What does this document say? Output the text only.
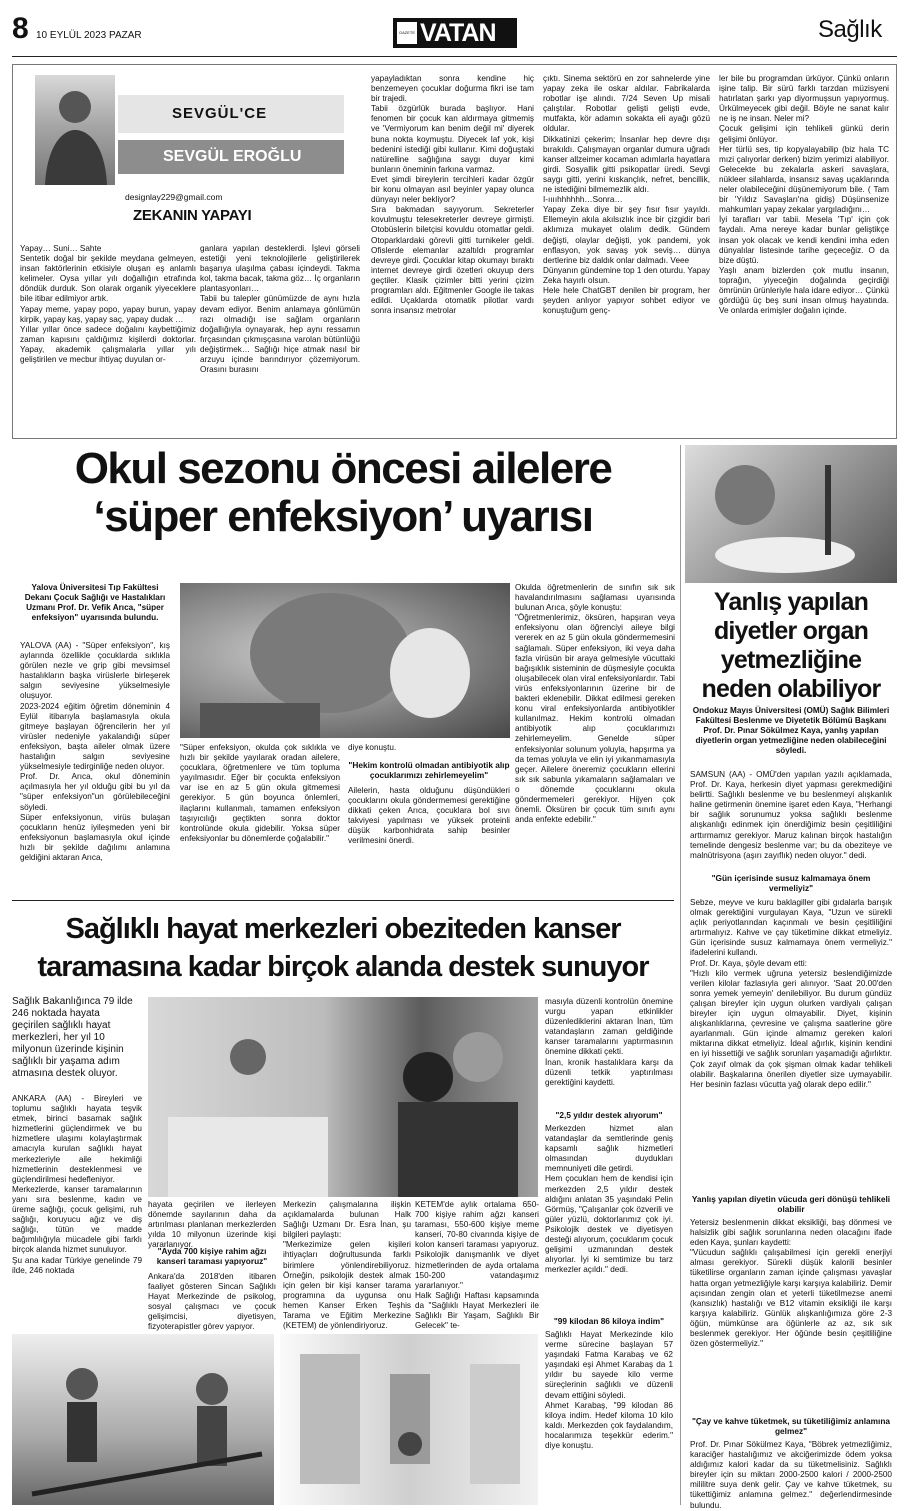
8 10 EYLÜL 2023 PAZAR	GAZETE VATAN	Sağlık
SEVGÜL'CE
SEVGÜL EROĞLU
designlay229@gmail.com
ZEKANIN YAPAYI
Yapay… Suni… Sahte
Sentetik doğal bir şekilde meydana gelmeyen, insan faktörlerinin etkisiyle oluşan eş anlamlı kelimeler. Oysa yıllar yılı doğallığın etrafında döndük durduk. Son olarak organik yiyeceklere bile itibar edilmiyor artık.
Yapay meme, yapay popo, yapay burun, yapay kirpik, yapay kaş, yapay saç, yapay dudak …
Yıllar yıllar önce sadece doğalını kaybettiğimiz zaman kapısını çaldığımız kişilerdi doktorlar. Yapay, akademik çalışmalarla yıllar yılı geliştirilen ve mecbur ihtiyaç duyulan or-
ganlara yapılan destеklerdi. İşlevi görseli estetiği yeni teknolojilerle geliştirilerek başarıya ulaşılma çabası içindeydi. Takma kol, takma bacak, takma göz… İç organların plantasyonları…
Tabii bu talepler günümüzde de aynı hızla devam ediyor. Benim anlamaya gönlümün razı olmadığı ise sağlam organların doğallığıyla oynayarak, hep aynı ressamın fırçasından çıkmışçasına varolan bütünlüğü değiştirmek… Sağlığı hiçe atmak nasıl bir arzuyu içinde barındırıyor çözemiyorum. Orasını burasını
yapayladıktan sonra kendine hiç benzemeyen çocuklar doğurma fikri ise tam bir trajedi.
Tabii özgürlük burada başlıyor. Hani fenomen bir çocuk kan aldırmaya gitmemiş ve 'Vermiyorum kan benim değil mi' diyerek buna nokta koymuştu. Diyecek laf yok, kişi bedenini istediği gibi kullanır. Kimi doğuştaki natürelline sağlığına saygı duyar kimi bunların öneminin farkına varmaz.
Evet şimdi bireylerin tercihleri kadar özgür bir konu olmayan asıl beyinler yapay olunca dünyayı neler bekliyor?
Sıra bakmadan sayıyorum. Sekreterler kovulmuştu telesekreterler devreye girmişti. Otobüslerin biletçisi kovuldu otomatlar geldi. Otoparklardaki görevli gitti turnikeler geldi. Ofislerde elemanlar azaltıldı programlar devreye girdi. Çocuklar kitap okumayı bıraktı internet devreye girdi özetleri okuyup ders geçtiler. Klasik çizimler bitti yerini çizim programları aldı. Eğitmenler Google ile takas edildi. Uçaklarda otomatik pilotlar vardı sonra insansız metrolar
çıktı. Sinema sektörü en zor sahnelerde yine yapay zeka ile oskar aldılar. Fabrikalarda robotlar işe alındı. 7/24 Seven Up misali çalıştılar. Robotlar gelişti geliști evde, mutfakta, kör adamın sokakta eli ayağı gözü oldular.
Dikkatinizi çekerim; İnsanlar hep devre dışı bırakıldı. Çalışmayan organlar dumura uğradı kanser allzeimer kocaman adımlarla hayatlara girdi. Sosyallik gitti psikopatlar üredi. Sevgi saygı gitti, yerini kıskançlık, nefret, bencillik, ne istediğini bilmemezlik aldı.
I-ııııhhhhhh…Sonra…
Yapay Zeka diye bir şey fısır fısır yayıldı. Ellemeyin akıla akılsızlık ince bir çizgidir bari aklımıza mukayet olalım dedik. Gündem değişti, olaylar değişti, yok pandemi, yok enflasyon, yok savaş yok seviş… dünya dertlerine biz daldık onlar dalmadı. Veee
Dünyanın gündemine top 1 den oturdu. Yapay Zeka hayırlı olsun.
Hele hele ChatGBT denilen bir program, her şeyden anlıyor yapıyor sohbet ediyor ve konuştuğum genç-
ler bile bu programdan ürküyor. Çünkü onların işine talip. Bir sürü farklı tarzdan müzisyeni hatırlatan şarkı yap diyormuşsun yapıyormuş. Ürkülmeyecek gibi değil. Böyle ne sanat kalır ne iş ne insan. Neler mi?
Çocuk gelişimi için tehlikeli günkü derin gelişimi önlüyor.
Her türlü ses, tip kopyalayabilip (biz hala TC mızi çalıyorlar derken) bizim yerimizi alabiliyor. Gelecekte bu zekalarla askeri savaşlara, nükleer silahlarda, insansız savaş uçaklarında neler olabileceğini düşünemiyorum bile. ( Tam bir 'Yıldız Savaşları'na gidiş) Düşünsenize mahkumları yapay zekalar yargıladığını…
İyi tarafları var tabii. Mesela 'Tıp' için çok faydalı. Ama nereye kadar bunlar geliştikçe insan yok olacak ve kendi kendini imha eden dünyalılar listesinde tarihe geçeceğiz. O da bize düştü.
Yaşlı anam bizlerden çok mutlu insanın, toprağın, yiyeceğin doğalında geçirdiği ömrünün ürünleriyle hala idare ediyor… Çünkü gördüğü üç beş suni insan olmuş hayatında. Ve onlarda erimişler doğalın içinde.
Okul sezonu öncesi ailelere
‘süper enfeksiyon’ uyarısı
Yalova Üniversitesi Tıp Fakültesi Dekanı Çocuk Sağlığı ve Hastalıkları Uzmanı Prof. Dr. Vefik Arıca, "süper enfeksiyon" uyarısında bulundu.
YALOVA (AA) - "Süper enfeksiyon", kış aylarında özellikle çocuklarda sıklıkla görülen nezle ve grip gibi mevsimsel hastalıkların başka virüslerle birleşerek salgın seviyesine yükselmesiyle oluşuyor.
2023-2024 eğitim öğretim döneminin 4 Eylül itibarıyla başlamasıyla okula gitmeye başlayan öğrencilerin her yıl virüsler nedeniyle yakalandığı süper enfeksiyon, başta aileler olmak üzere hastalığın salgın seviyesine yükselmesiyle tedirginliğe neden oluyor.
Prof. Dr. Arıca, okul döneminin açılmasıyla her yıl olduğu gibi bu yıl da "süper enfeksiyon"un görülebileceğini söyledi.
Süper enfeksiyonun, virüs bulaşan çocukların henüz iyileşmeden yeni bir enfeksiyonun başlamasıyla okul içinde hızlı bir şekilde dağılımı anlamına geldiğini aktaran Arıca,
"Süper enfeksiyon, okulda çok sıklıkla ve hızlı bir şekilde yayılarak oradan ailelere, çocuklara, öğretmenlere ve tüm topluma yayılmasıdır. Eğer bir çocukta enfeksiyon var ise en az 5 gün okula gitmemesi gerekiyor. 5 gün boyunca önlemleri, ilaçlarını kullanmalı, tamamen enfeksiyon taşıyıcılığı geçtikten sonra doktor kontrolünde okula gidebilir. Yoksa süper enfeksiyonlar bu dönemlerde çoğalabilir."
diye konuştu.
"Hekim kontrolü olmadan antibiyotik alıp çocuklarımızı zehirlemeyelim"
Ailelerin, hasta olduğunu düşündükleri çocuklarını okula göndermemesi gerektiğine dikkati çeken Arıca, çocuklara bol sıvı takviyesi yapılması ve yüksek proteinli düşük karbonhidrata sahip besinler verilmesini önerdi.
Okulda öğretmenlerin de sınıfın sık sık havalandırılmasını sağlaması uyarısında bulunan Arıca, şöyle konuştu:
"Öğretmenlerimiz, öksüren, hapşıran veya enfeksiyonu olan öğrenciyi aileye bilgi vererek en az 5 gün okula göndermemesini sağlamalı. Süper enfeksiyon, iki veya daha fazla virüsün bir araya gelmesiyle vücuttaki bağışıklık sisteminin de düşmesiyle çocukta oluşabilecek olan viral enfeksiyonlardır. Tabi virüs enfeksiyonlarının üzerine bir de bakteri eklenebilir. Dikkat edilmesi gereken konu viral enfeksiyonlarda antibiyotikler kullanılmaz. Hekim kontrolü olmadan antibiyotik alıp çocuklarımızı zehirlemeyelim. Genelde süper enfeksiyonlar solunum yoluyla, hapşırma ya da temas yoluyla ve elin iyi yıkanmamasıyla geçer. Ailelere öneremiz çocukların ellerini sık sık sabunla yıkamaların sağlamaları ve o dönemde çocuklarını okula göndermemeleri gerekiyor. Hijyen çok önemli. Öksüren bir çocuk tüm sınıfı aynı anda enfekte edebilir."
Yanlış yapılan
diyetler organ
yetmezliğine
neden olabiliyor
Ondokuz Mayıs Üniversitesi (OMÜ) Sağlık Bilimleri Fakültesi Beslenme ve Diyetetik Bölümü Başkanı Prof. Dr. Pınar Sökülmez Kaya, yanlış yapılan diyetlerin organ yetmezliğine neden olabileceğini söyledi.
SAMSUN (AA) - OMÜ'den yapılan yazılı açıklamada, Prof. Dr. Kaya, herkesin diyet yapması gerekmediğini belirtti. Sağlıklı beslenme ve bu beslenmeyi alışkanlık haline getirmenin önemine işaret eden Kaya, "Herhangi bir sağlık sorunumuz yoksa sağlıklı beslenme alışkanlığı edinmek için önerdiğimiz besin çeşitliliğini arttırmamız gerekiyor. Maruz kalınan birçok hastalığın temelinde dengesiz beslenme var; bu da obeziteye ve malnütrisyona (aşırı zayıflık) neden oluyor." dedi.
"Gün içerisinde susuz kalmamaya önem vermeliyiz"
Sebze, meyve ve kuru baklagiller gibi gıdalarla barışık olmak gerektiğini vurgulayan Kaya, "Uzun ve sürekli açlık periyotlarından kaçınmalı ve besin çeşitliliğini artırmalıyız. Kahve ve çay tüketimine dikkat etmeliyiz. Gün içerisinde susuz kalmamaya önem vermeliyiz." ifadelerini kullandı.
Prof. Dr. Kaya, şöyle devam etti:
"Hızlı kilo vermek uğruna yetersiz beslendiğimizde verilen kilolar fazlasıyla geri alınıyor. 'Saat 20.00'den sonra yemek yemeyin' denilebiliyor. Bu durum gündüz çalışan bireyler için uygun olurken vardiyalı çalışan bireyler için uygun olmayabilir. Diyet, kişinin alışkanlıklarına, çevresine ve çalışma saatlerine göre ayarlanmalı. Gün içinde almamız gereken kalori miktarına dikkat etmeliyiz. İdeal ağırlık, kişinin kendini en iyi hissettiği ve sağlık sorunları yaşamadığı ağırlıktır. Çok zayıf olmak da çok şişman olmak kadar tehlikeli olabilir. Başkalarına önerilen diyetler size uymayabilir. Her besinin fazlası vücutta yağ olarak depo edilir."
Yanlış yapılan diyetin vücuda geri dönüşü tehlikeli olabilir
Yetersiz beslenmenin dikkat eksikliği, baş dönmesi ve halsizlik gibi sağlık sorunlarına neden olacağını ifade eden Kaya, şunları kaydetti:
"Vücudun sağlıklı çalışabilmesi için gerekli enerjiyi alması gerekiyor. Sürekli düşük kalorili besinler tüketilirse organların zaman içinde çalışması yavaşlar hatta organ yetmezliğiyle karşı karşıya kalabiliriz. Demir açısından zengin olan et yeterli tüketilmezse anemi (kansızlık) hastalığı ve B12 vitamin eksikliği ile karşı karşıya kalabiliriz. Günlük alışkanlığımıza göre 2-3 öğün, mümkünse ara öğünlerle az az, sık sık beslenmek gerekiyor. Her öğünde besin çeşitliliğine özen göstermeliyiz."
"Çay ve kahve tüketmek, su tüketiliğimiz anlamına gelmez"
Prof. Dr. Pınar Sökülmez Kaya, "Böbrek yetmezliğimiz, karaciğer hastalığımız ve akciğerimizde ödem yoksa aldığımız kalori kadar da su tüketmelisiniz. Sağlıklı bireyler için su miktarı 2000-2500 kalori / 2000-2500 mililitre suya denk gelir. Çay ve kahve tüketmek, su tükettiğimiz anlamına gelmez." değerlendirmesinde bulundu.
Sağlıklı hayat merkezleri obeziteden kanser
taramasına kadar birçok alanda destek sunuyor
Sağlık Bakanlığınca 79 ilde 246 noktada hayata geçirilen sağlıklı hayat merkezleri, her yıl 10 milyonun üzerinde kişinin sağlıklı bir yaşama adım atmasına destek oluyor.
ANKARA (AA) - Bireyleri ve toplumu sağlıklı hayata teşvik etmek, birinci basamak sağlık hizmetlerini güçlendirmek ve bu hizmetlere ulaşımı kolaylaştırmak amacıyla kurulan sağlıklı hayat merkezleriyle aile hekimliği hizmetlerinin desteklenmesi ve güçlendirilmesi hedefleniyor.
Merkezlerde, kanser taramalarının yanı sıra beslenme, kadın ve üreme sağlığı, çocuk gelişimi, ruh sağlığı, koruyucu ağız ve diş sağlığı, tütün ve madde bağımlılığıyla mücadele gibi farklı birçok alanda hizmet sunuluyor.
Şu ana kadar Türkiye genelinde 79 ilde, 246 noktada
hayata geçirilen ve ilerleyen dönemde sayılarının daha da artırılması planlanan merkezlerden yılda 10 milyonun üzerinde kişi yararlanıyor.
"Ayda 700 kişiye rahim ağzı kanseri taraması yapıyoruz"
Ankara'da 2018'den itibaren faaliyet gösteren Sincan Sağlıklı Hayat Merkezinde de psikolog, sosyal çalışmacı ve çocuk gelişimcisi, diyetisyen, fizyoterapistler görev yapıyor.
Merkezin çalışmalarına ilişkin açıklamalarda bulunan Halk Sağlığı Uzmanı Dr. Esra İnan, şu bilgileri paylaştı:
"Merkezimize gelen kişileri ihtiyaçları doğrultusunda farklı birimlere yönlendirebiliyoruz. Örneğin, psikolojik destek almak için gelen bir kişi kanser tarama programına da uygunsa onu hemen Kanser Erken Teşhis Tarama ve Eğitim Merkezine (KETEM) de yönlendiriyoruz.
KETEM'de aylık ortalama 650-700 kişiye rahim ağzı kanseri taraması, 550-600 kişiye meme kanseri, 70-80 civarında kişiye de kolon kanseri taraması yapıyoruz. Psikolojik danışmanlık ve diyet hizmetlerinden de ayda ortalama 150-200 vatandaşımız yararlanıyor."
Halk Sağlığı Haftası kapsamında da "Sağlıklı Hayat Merkezleri ile Sağlıklı Bir Yaşam, Sağlıklı Bir Gelecek" te-
masıyla düzenli kontrolün önemine vurgu yapan etkinlikler düzenlediklerini aktaran İnan, tüm vatandaşların zaman geldiğinde kanser taramalarını yaptırmasının önemine dikkati çekti.
İnan, kronik hastalıklara karşı da düzenli tetkik yaptırılması gerektiğini kaydetti.
"2,5 yıldır destek alıyorum"
Merkezden hizmet alan vatandaşlar da semtlerinde geniş kapsamlı sağlık hizmetleri olmasından duydukları memnuniyeti dile getirdi.
Hem çocukları hem de kendisi için merkezden 2,5 yıldır destek aldığını anlatan 35 yaşındaki Pelin Görmüş, "Çalışanlar çok özverili ve güler yüzlü, doktorlarımız çok iyi. Psikolojik destek ve diyetisyen desteği alıyorum, çocuklarım çocuk gelişimi uzmanından destek alıyorlar. İyi ki semtimize bu tarz merkezler açıldı." dedi.
"99 kilodan 86 kiloya indim"
Sağlıklı Hayat Merkezinde kilo verme sürecine başlayan 57 yaşındaki Fatma Karabaş ve 62 yaşındaki eşi Ahmet Karabaş da 1 yıldır bu sayede kilo verme süreçlerinin sağlıklı ve düzenli devam ettiğini söyledi.
Ahmet Karabaş, "99 kilodan 86 kiloya indim. Hedef kiloma 10 kilo kaldı. Merkezden çok faydalandım, hocalarımıza teşekkür ederim." diye konuştu.
